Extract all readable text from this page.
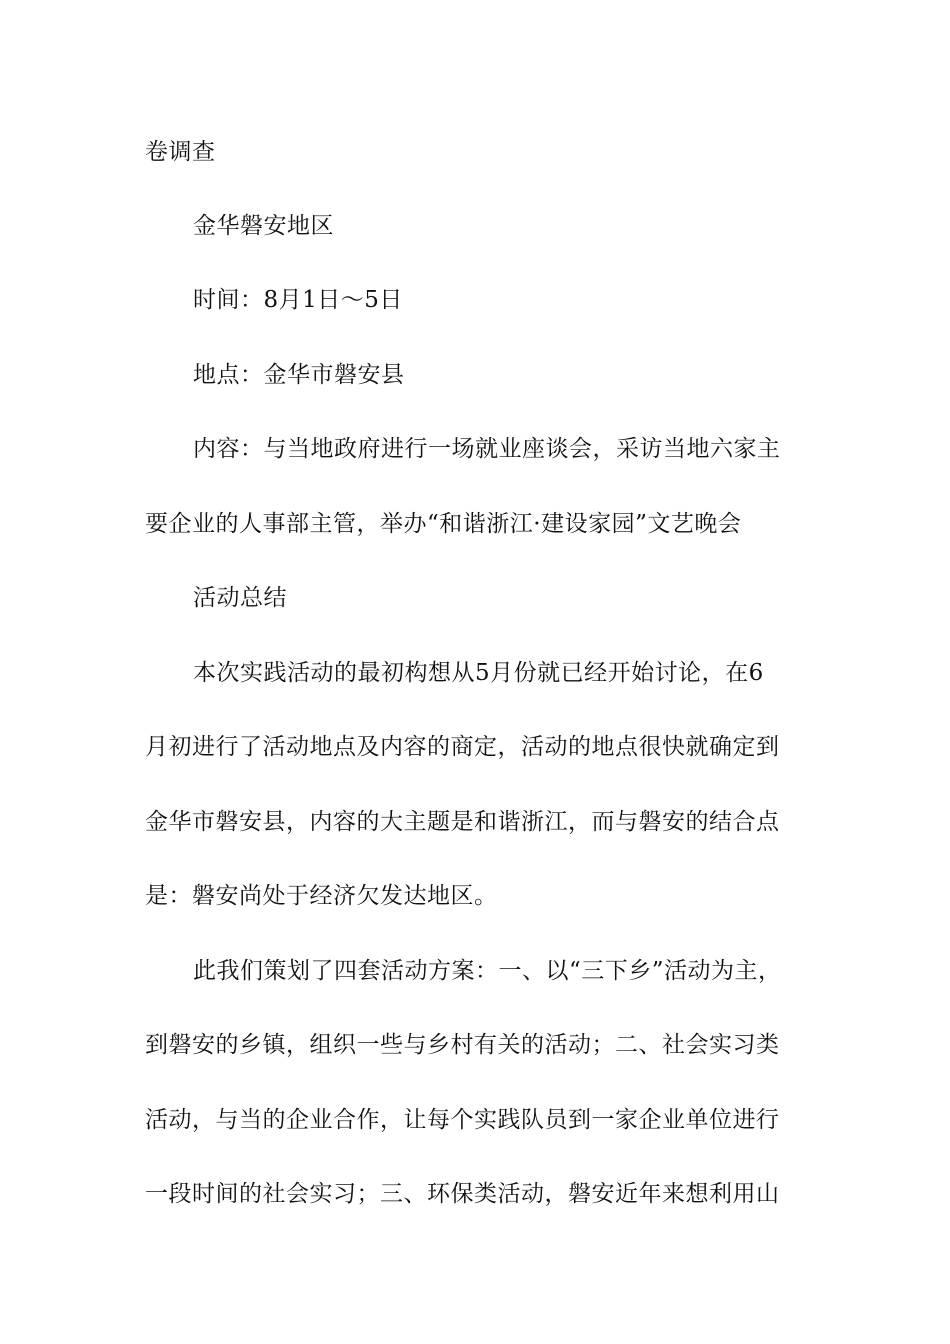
卷调查
金华磐安地区
时间：8月1日～5日
地点：金华市磐安县
内容：与当地政府进行一场就业座谈会，采访当地六家主
要企业的人事部主管，举办“和谐浙江·建设家园”文艺晚会
活动总结
本次实践活动的最初构想从5月份就已经开始讨论，在6
月初进行了活动地点及内容的商定，活动的地点很快就确定到
金华市磐安县，内容的大主题是和谐浙江，而与磐安的结合点
是：磐安尚处于经济欠发达地区。
此我们策划了四套活动方案：一、以“三下乡”活动为主，
到磐安的乡镇，组织一些与乡村有关的活动；二、社会实习类
活动，与当的企业合作，让每个实践队员到一家企业单位进行
一段时间的社会实习；三、环保类活动，磐安近年来想利用山
